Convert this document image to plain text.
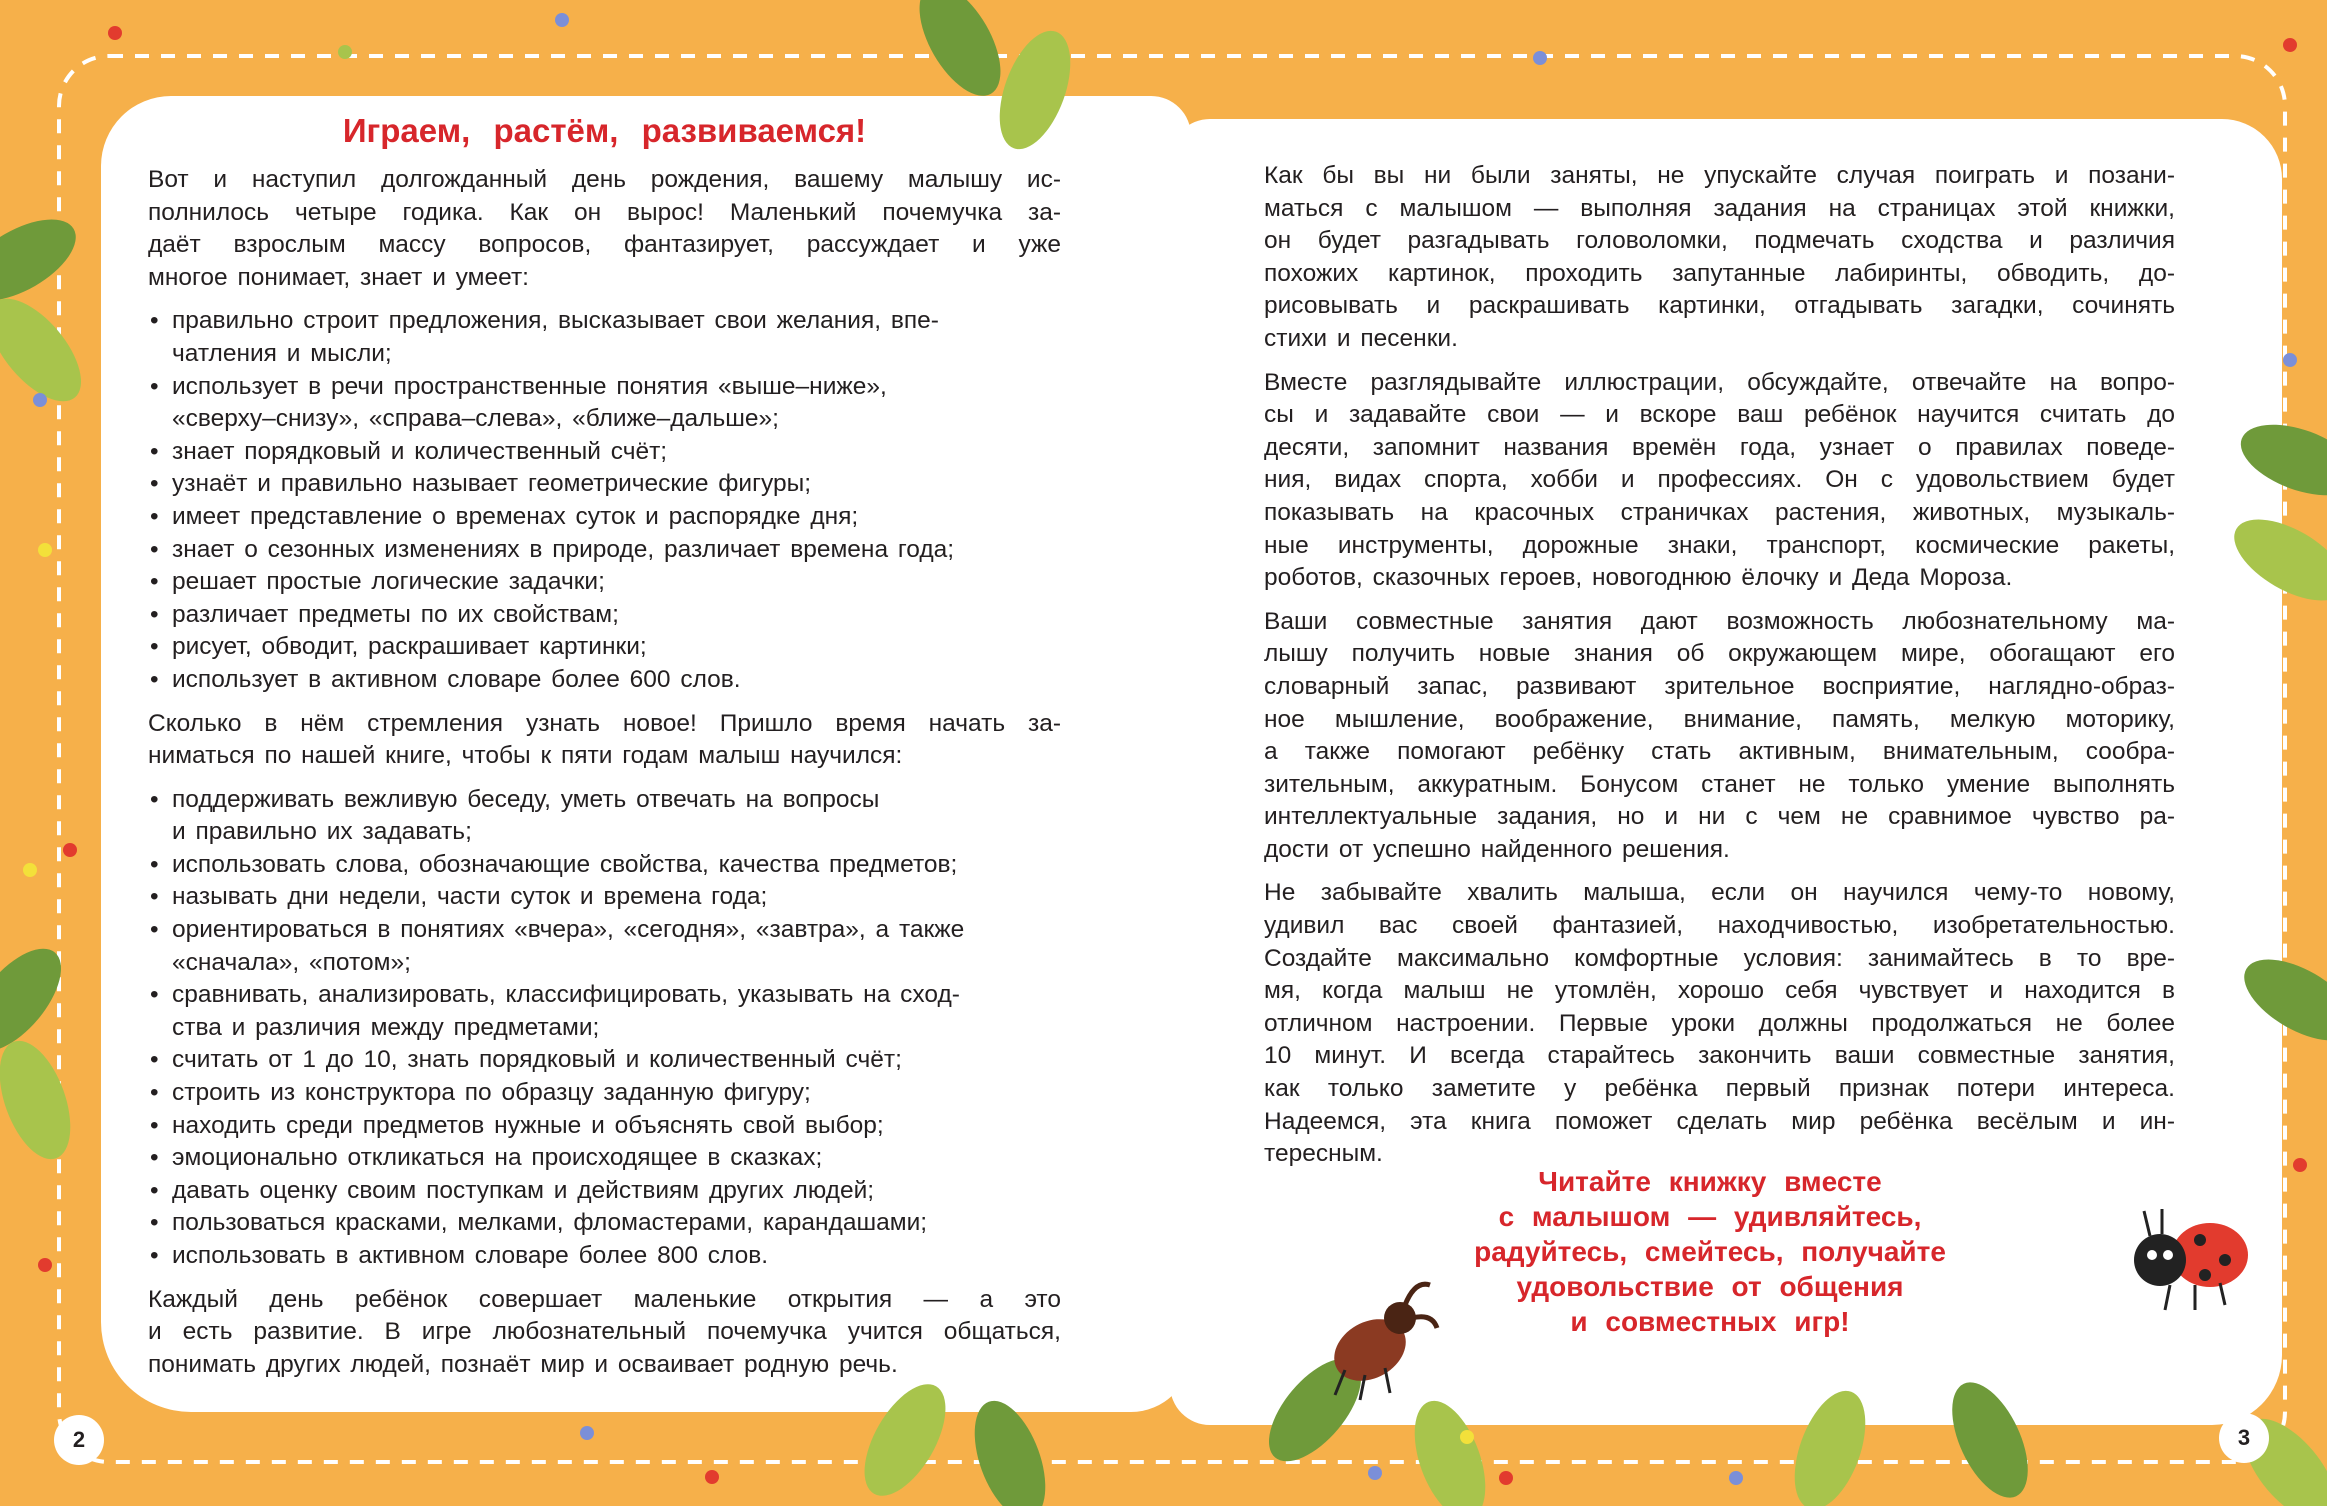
Играем, растём, развиваемся!
Вот и наступил долгожданный день рождения, вашему малышу ис-
полнилось четыре годика. Как он вырос! Маленький почемучка за-
даёт взрослым массу вопросов, фантазирует, рассуждает и уже
многое понимает, знает и умеет:
• правильно строит предложения, высказывает свои желания, впе-
чатления и мысли;
• использует в речи пространственные понятия «выше–ниже»,
«сверху–снизу», «справа–слева», «ближе–дальше»;
• знает порядковый и количественный счёт;
• узнаёт и правильно называет геометрические фигуры;
• имеет представление о временах суток и распорядке дня;
• знает о сезонных изменениях в природе, различает времена года;
• решает простые логические задачки;
• различает предметы по их свойствам;
• рисует, обводит, раскрашивает картинки;
• использует в активном словаре более 600 слов.
Сколько в нём стремления узнать новое! Пришло время начать за-
ниматься по нашей книге, чтобы к пяти годам малыш научился:
• поддерживать вежливую беседу, уметь отвечать на вопросы
и правильно их задавать;
• использовать слова, обозначающие свойства, качества предметов;
• называть дни недели, части суток и времена года;
• ориентироваться в понятиях «вчера», «сегодня», «завтра», а также
«сначала», «потом»;
• сравнивать, анализировать, классифицировать, указывать на сход-
ства и различия между предметами;
• считать от 1 до 10, знать порядковый и количественный счёт;
• строить из конструктора по образцу заданную фигуру;
• находить среди предметов нужные и объяснять свой выбор;
• эмоционально откликаться на происходящее в сказках;
• давать оценку своим поступкам и действиям других людей;
• пользоваться красками, мелками, фломастерами, карандашами;
• использовать в активном словаре более 800 слов.
Каждый день ребёнок совершает маленькие открытия — а это
и есть развитие. В игре любознательный почемучка учится общаться,
понимать других людей, познаёт мир и осваивает родную речь.
Как бы вы ни были заняты, не упускайте случая поиграть и позани-
маться с малышом — выполняя задания на страницах этой книжки,
он будет разгадывать головоломки, подмечать сходства и различия
похожих картинок, проходить запутанные лабиринты, обводить, до-
рисовывать и раскрашивать картинки, отгадывать загадки, сочинять
стихи и песенки.
Вместе разглядывайте иллюстрации, обсуждайте, отвечайте на вопро-
сы и задавайте свои — и вскоре ваш ребёнок научится считать до
десяти, запомнит названия времён года, узнает о правилах поведе-
ния, видах спорта, хобби и профессиях. Он с удовольствием будет
показывать на красочных страничках растения, животных, музыкаль-
ные инструменты, дорожные знаки, транспорт, космические ракеты,
роботов, сказочных героев, новогоднюю ёлочку и Деда Мороза.
Ваши совместные занятия дают возможность любознательному ма-
лышу получить новые знания об окружающем мире, обогащают его
словарный запас, развивают зрительное восприятие, наглядно-образ-
ное мышление, воображение, внимание, память, мелкую моторику,
а также помогают ребёнку стать активным, внимательным, сообра-
зительным, аккуратным. Бонусом станет не только умение выполнять
интеллектуальные задания, но и ни с чем не сравнимое чувство ра-
дости от успешно найденного решения.
Не забывайте хвалить малыша, если он научился чему-то новому,
удивил вас своей фантазией, находчивостью, изобретательностью.
Создайте максимально комфортные условия: занимайтесь в то вре-
мя, когда малыш не утомлён, хорошо себя чувствует и находится в
отличном настроении. Первые уроки должны продолжаться не более
10 минут. И всегда старайтесь закончить ваши совместные занятия,
как только заметите у ребёнка первый признак потери интереса.
Надеемся, эта книга поможет сделать мир ребёнка весёлым и ин-
тересным.
Читайте книжку вместе
с малышом — удивляйтесь,
радуйтесь, смейтесь, получайте
удовольствие от общения
и совместных игр!
2	3
